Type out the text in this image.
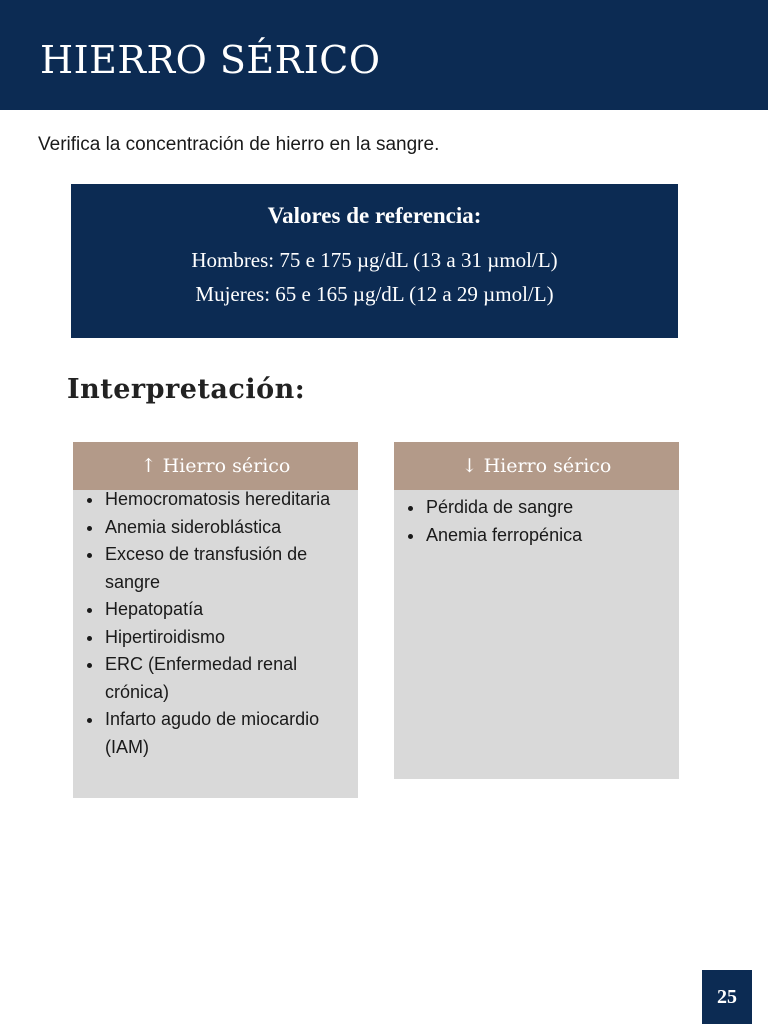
HIERRO SÉRICO

Verifica la concentración de hierro en la sangre.

Valores de referencia:
Hombres: 75 e 175 µg/dL (13 a 31 µmol/L)
Mujeres: 65 e 165 µg/dL (12 a 29 µmol/L)
Interpretación:
↑ Hierro sérico
Hemocromatosis hereditaria
Anemia sideroblástica
Exceso de transfusión de sangre
Hepatopatía
Hipertiroidismo
ERC (Enfermedad renal crónica)
Infarto agudo de miocardio (IAM)
↓ Hierro sérico
Pérdida de sangre
Anemia ferropénica
25
